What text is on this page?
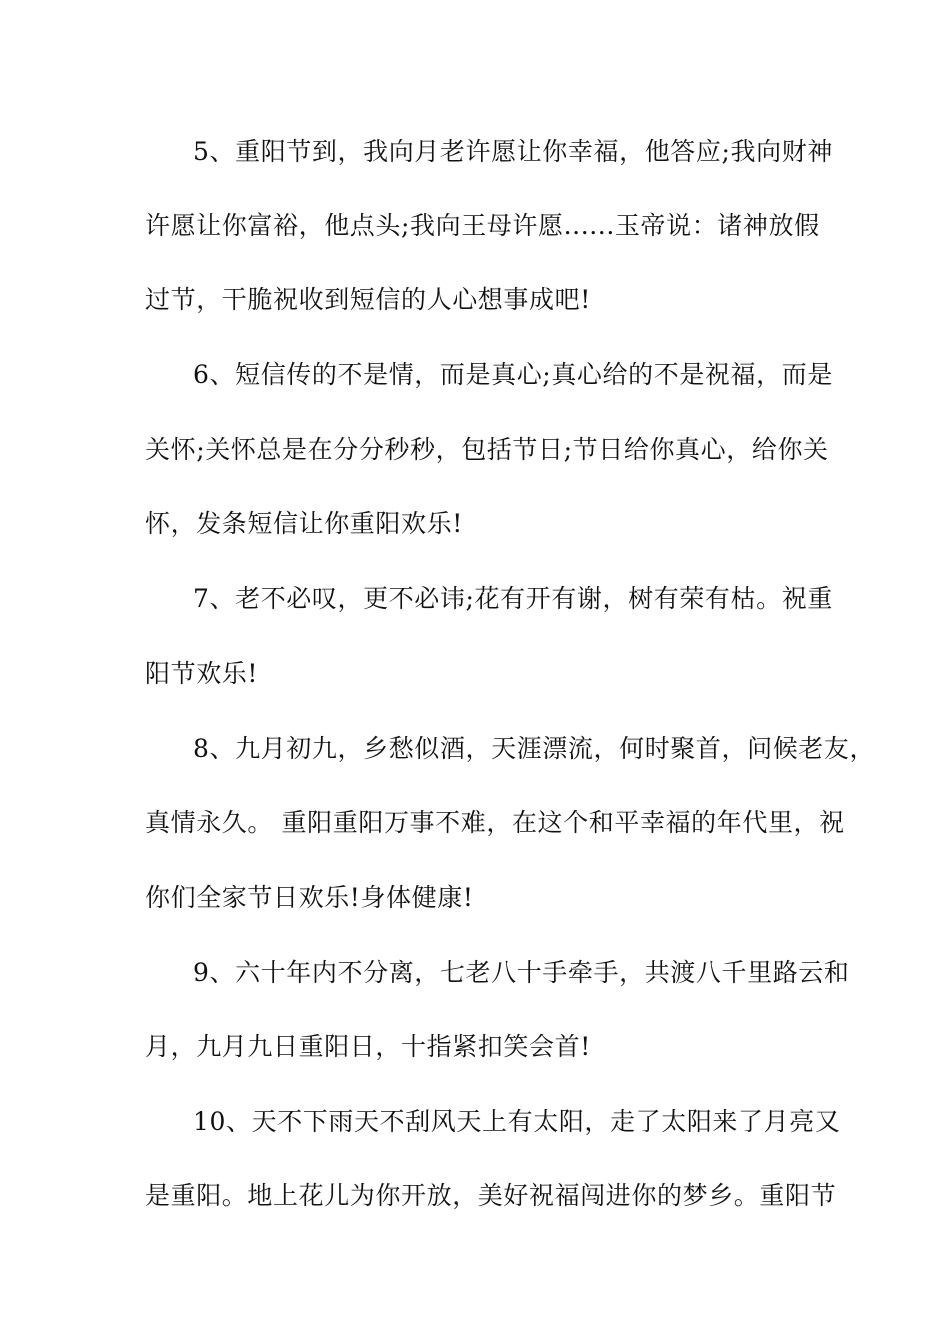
5、重阳节到，我向月老许愿让你幸福，他答应;我向财神
许愿让你富裕，他点头;我向王母许愿......玉帝说：诸神放假
过节，干脆祝收到短信的人心想事成吧!
6、短信传的不是情，而是真心;真心给的不是祝福，而是
关怀;关怀总是在分分秒秒，包括节日;节日给你真心，给你关
怀，发条短信让你重阳欢乐!
7、老不必叹，更不必讳;花有开有谢，树有荣有枯。祝重
阳节欢乐!
8、九月初九，乡愁似酒，天涯漂流，何时聚首，问候老友，
真情永久。 重阳重阳万事不难，在这个和平幸福的年代里，祝
你们全家节日欢乐!身体健康!
9、六十年内不分离，七老八十手牵手，共渡八千里路云和
月，九月九日重阳日，十指紧扣笑会首!
10、天不下雨天不刮风天上有太阳，走了太阳来了月亮又
是重阳。地上花儿为你开放，美好祝福闯进你的梦乡。重阳节
